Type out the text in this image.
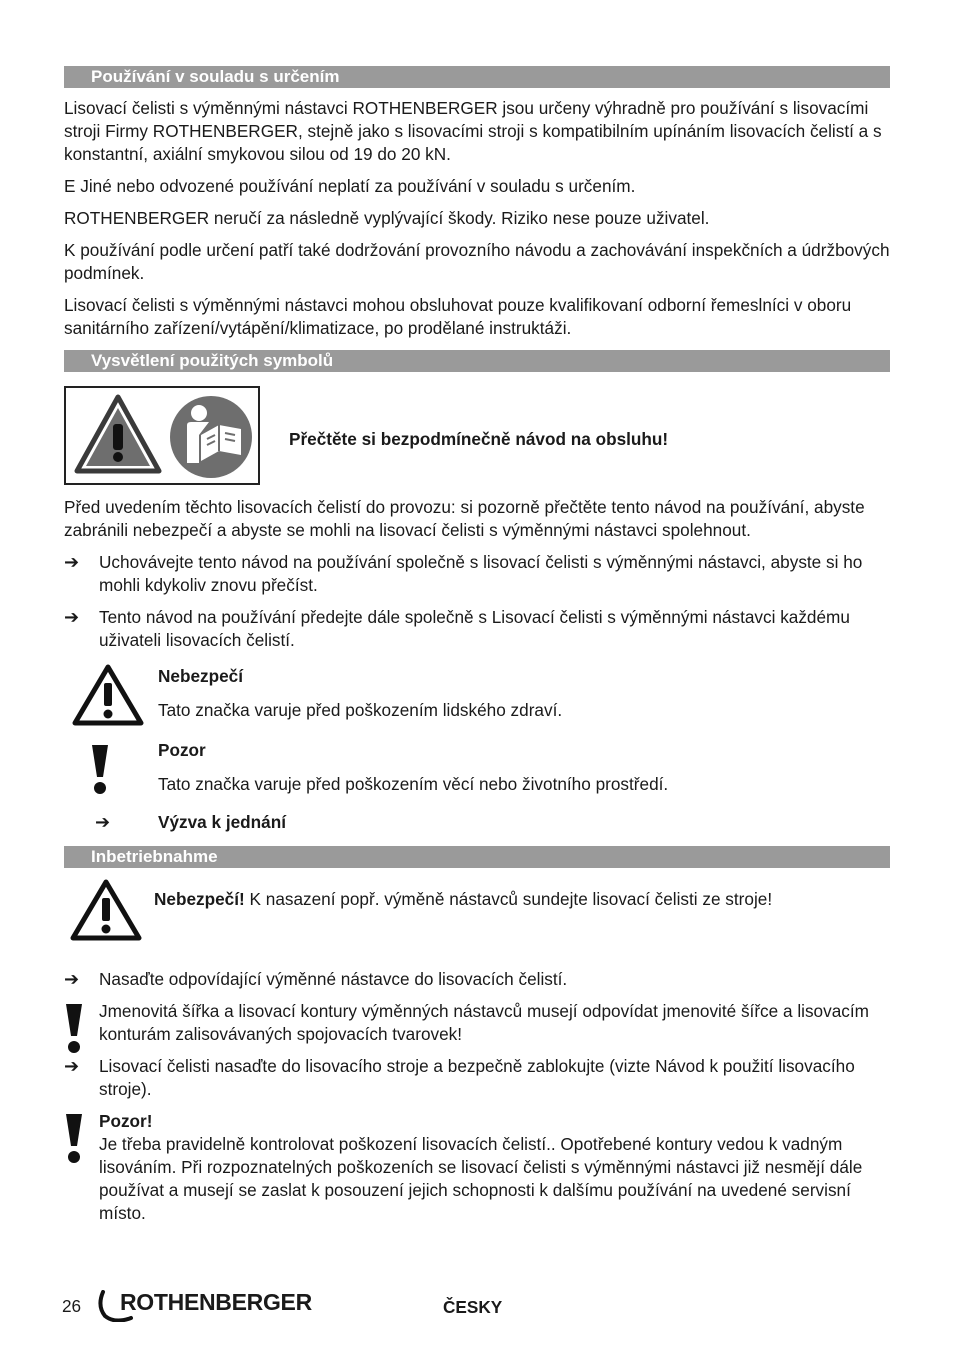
Používání v souladu s určením

Lisovací čelisti s výměnnými nástavci ROTHENBERGER jsou určeny výhradně pro používání s lisovacími stroji Firmy ROTHENBERGER, stejně jako s lisovacími stroji s kompatibilním upínáním lisovacích čelistí a s konstantní, axiální smykovou silou od 19 do 20 kN.

E Jiné nebo odvozené používání neplatí za používání v souladu s určením.

ROTHENBERGER neručí za následně vyplývající škody. Riziko nese pouze uživatel.

K používání podle určení patří také dodržování provozního návodu a zachovávání inspekčních a údržbových podmínek.

Lisovací čelisti s výměnnými nástavci mohou obsluhovat pouze kvalifikovaní odborní řemeslníci v oboru sanitárního zařízení/vytápění/klimatizace, po prodělané instruktáži.

Vysvětlení použitých symbolů

Přečtěte si bezpodmínečně návod na obsluhu!

Před uvedením těchto lisovacích čelistí do provozu: si pozorně přečtěte tento návod na používání, abyste zabránili nebezpečí a abyste se mohli na lisovací čelisti s výměnnými nástavci spolehnout.

➔ Uchovávejte tento návod na používání společně s lisovací čelisti s výměnnými nástavci, abyste si ho mohli kdykoliv znovu přečíst.

➔ Tento návod na používání předejte dále společně s Lisovací čelisti s výměnnými nástavci každému uživateli lisovacích čelistí.

Nebezpečí

Tato značka varuje před poškozením lidského zdraví.

Pozor

Tato značka varuje před poškozením věcí nebo životního prostředí.

➔	Výzva k jednání

Inbetriebnahme

Nebezpečí! K nasazení popř. výměně nástavců sundejte lisovací čelisti ze stroje!

➔ Nasaďte odpovídající výměnné nástavce do lisovacích čelistí.

Jmenovitá šířka a lisovací kontury výměnných nástavců musejí odpovídat jmenovité šířce a lisovacím konturám zalisovávaných spojovacích tvarovek!

➔ Lisovací čelisti nasaďte do lisovacího stroje a bezpečně zablokujte (vizte Návod k použití lisovacího stroje).

Pozor!

Je třeba pravidelně kontrolovat poškození lisovacích čelistí.. Opotřebené kontury vedou k vadným lisováním. Při rozpoznatelných poškozeních se lisovací čelisti s výměnnými nástavci již nesmějí dále používat a musejí se zaslat k posouzení jejich schopnosti k dalšímu používání na uvedené servisní místo.

26 ROTHENBERGER	ČESKY
